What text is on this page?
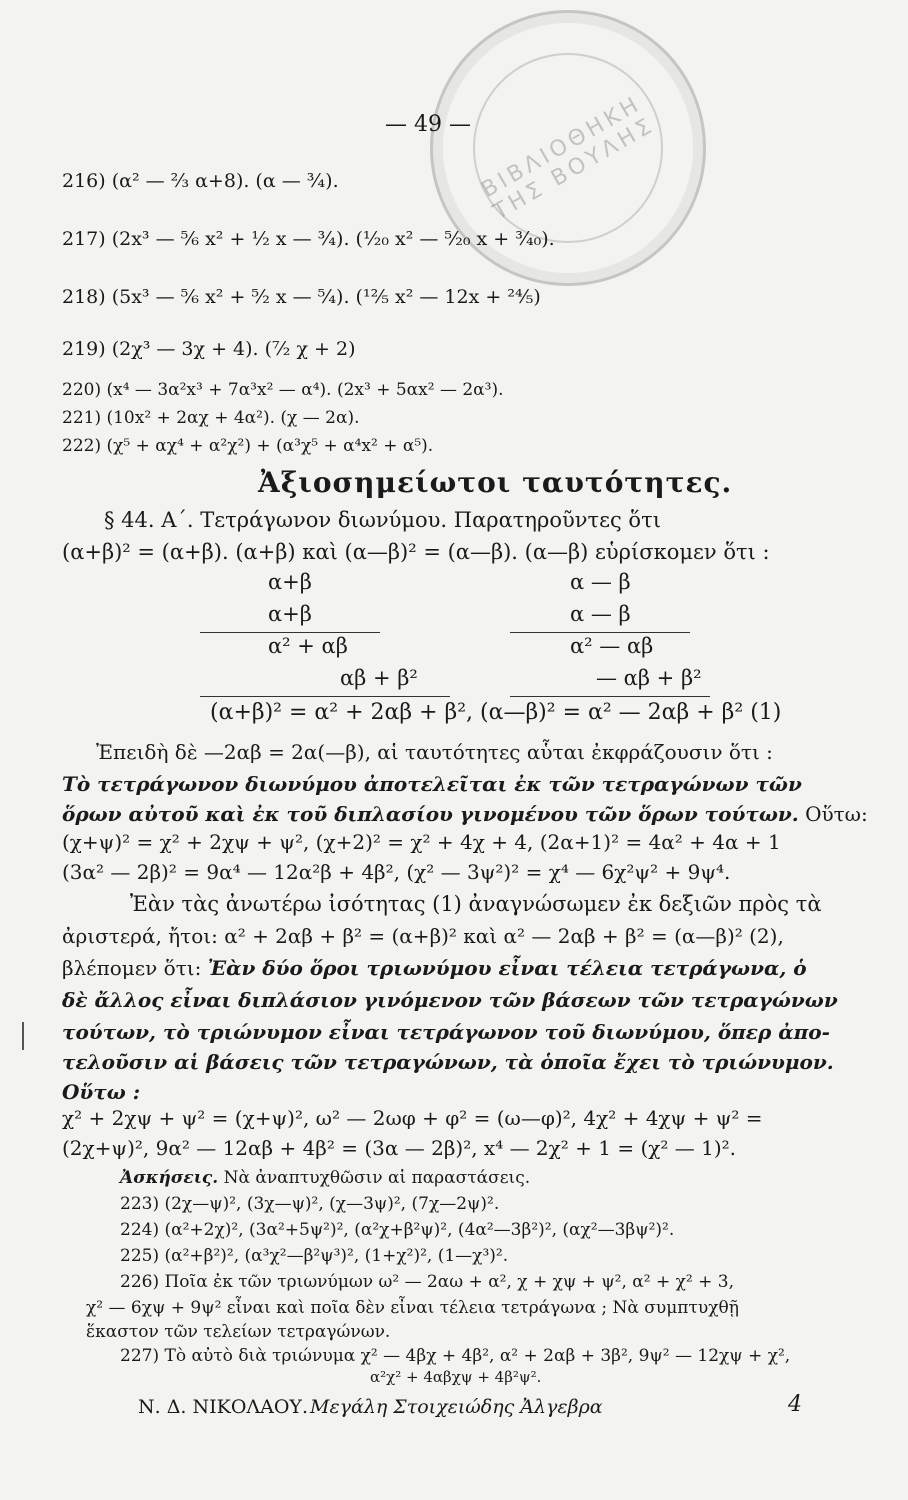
ΒΙΒΛΙΟΘΗΚΗ ΤΗΣ ΒΟΥΛΗΣ
— 49 —
216) (α² — ²⁄₃ α+8). (α — ³⁄₄).
217) (2x³ — ⁵⁄₆ x² + ¹⁄₂ x — ³⁄₄). (¹⁄₂₀ x² — ⁵⁄₂₀ x + ³⁄₄₀).
218) (5x³ — ⁵⁄₆ x² + ⁵⁄₂ x — ⁵⁄₄). (¹²⁄₅ x² — 12x + ²⁴⁄₅)
219) (2χ³ — 3χ + 4). (⁷⁄₂ χ + 2)
220) (x⁴ — 3α²x³ + 7α³x² — α⁴). (2x³ + 5αx² — 2α³).
221) (10x² + 2αχ + 4α²). (χ — 2α).
222) (χ⁵ + αχ⁴ + α²χ²) + (α³χ⁵ + α⁴x² + α⁵).
Ἀξιοσημείωτοι ταυτότητες.
§ 44. Α΄. Τετράγωνον διωνύμου. Παρατηροῦντες ὅτι
(α+β)² = (α+β). (α+β) καὶ (α—β)² = (α—β). (α—β) εὑρίσκομεν ὅτι :
α+β
α+β
α² + αβ
αβ + β²
α — β
α — β
α² — αβ
— αβ + β²
(α+β)² = α² + 2αβ + β², (α—β)² = α² — 2αβ + β² (1)
Ἐπειδὴ δὲ —2αβ = 2α(—β), αἱ ταυτότητες αὗται ἐκφράζουσιν ὅτι :
Τὸ τετράγωνον διωνύμου ἀποτελεῖται ἐκ τῶν τετραγώνων τῶν
ὅρων αὐτοῦ καὶ ἐκ τοῦ διπλασίου γινομένου τῶν ὅρων τούτων. Οὕτω:
(χ+ψ)² = χ² + 2χψ + ψ², (χ+2)² = χ² + 4χ + 4, (2α+1)² = 4α² + 4α + 1
(3α² — 2β)² = 9α⁴ — 12α²β + 4β², (χ² — 3ψ²)² = χ⁴ — 6χ²ψ² + 9ψ⁴.
Ἐὰν τὰς ἀνωτέρω ἰσότητας (1) ἀναγνώσωμεν ἐκ δεξιῶν πρὸς τὰ
ἀριστερά, ἤτοι: α² + 2αβ + β² = (α+β)² καὶ α² — 2αβ + β² = (α—β)² (2),
βλέπομεν ὅτι: Ἐὰν δύο ὅροι τριωνύμου εἶναι τέλεια τετράγωνα, ὁ
δὲ ἄλλος εἶναι διπλάσιον γινόμενον τῶν βάσεων τῶν τετραγώνων
τούτων, τὸ τριώνυμον εἶναι τετράγωνον τοῦ διωνύμου, ὅπερ ἀπο-
τελοῦσιν αἱ βάσεις τῶν τετραγώνων, τὰ ὁποῖα ἔχει τὸ τριώνυμον.
Οὕτω :
χ² + 2χψ + ψ² = (χ+ψ)², ω² — 2ωφ + φ² = (ω—φ)², 4χ² + 4χψ + ψ² =
(2χ+ψ)², 9α² — 12αβ + 4β² = (3α — 2β)², x⁴ — 2χ² + 1 = (χ² — 1)².
Ἀσκήσεις. Νὰ ἀναπτυχθῶσιν αἱ παραστάσεις.
223) (2χ—ψ)², (3χ—ψ)², (χ—3ψ)², (7χ—2ψ)².
224) (α²+2χ)², (3α²+5ψ²)², (α²χ+β²ψ)², (4α²—3β²)², (αχ²—3βψ²)².
225) (α²+β²)², (α³χ²—β²ψ³)², (1+χ²)², (1—χ³)².
226) Ποῖα ἐκ τῶν τριωνύμων ω² — 2αω + α², χ + χψ + ψ², α² + χ² + 3,
χ² — 6χψ + 9ψ² εἶναι καὶ ποῖα δὲν εἶναι τέλεια τετράγωνα ; Νὰ συμπτυχθῇ
ἕκαστον τῶν τελείων τετραγώνων.
227) Τὸ αὐτὸ διὰ τριώνυμα χ² — 4βχ + 4β², α² + 2αβ + 3β², 9ψ² — 12χψ + χ²,
α²χ² + 4αβχψ + 4β²ψ².
Ν. Δ. ΝΙΚΟΛΑΟΥ. Μεγάλη Στοιχειώδης Ἀλγεβρα	4
